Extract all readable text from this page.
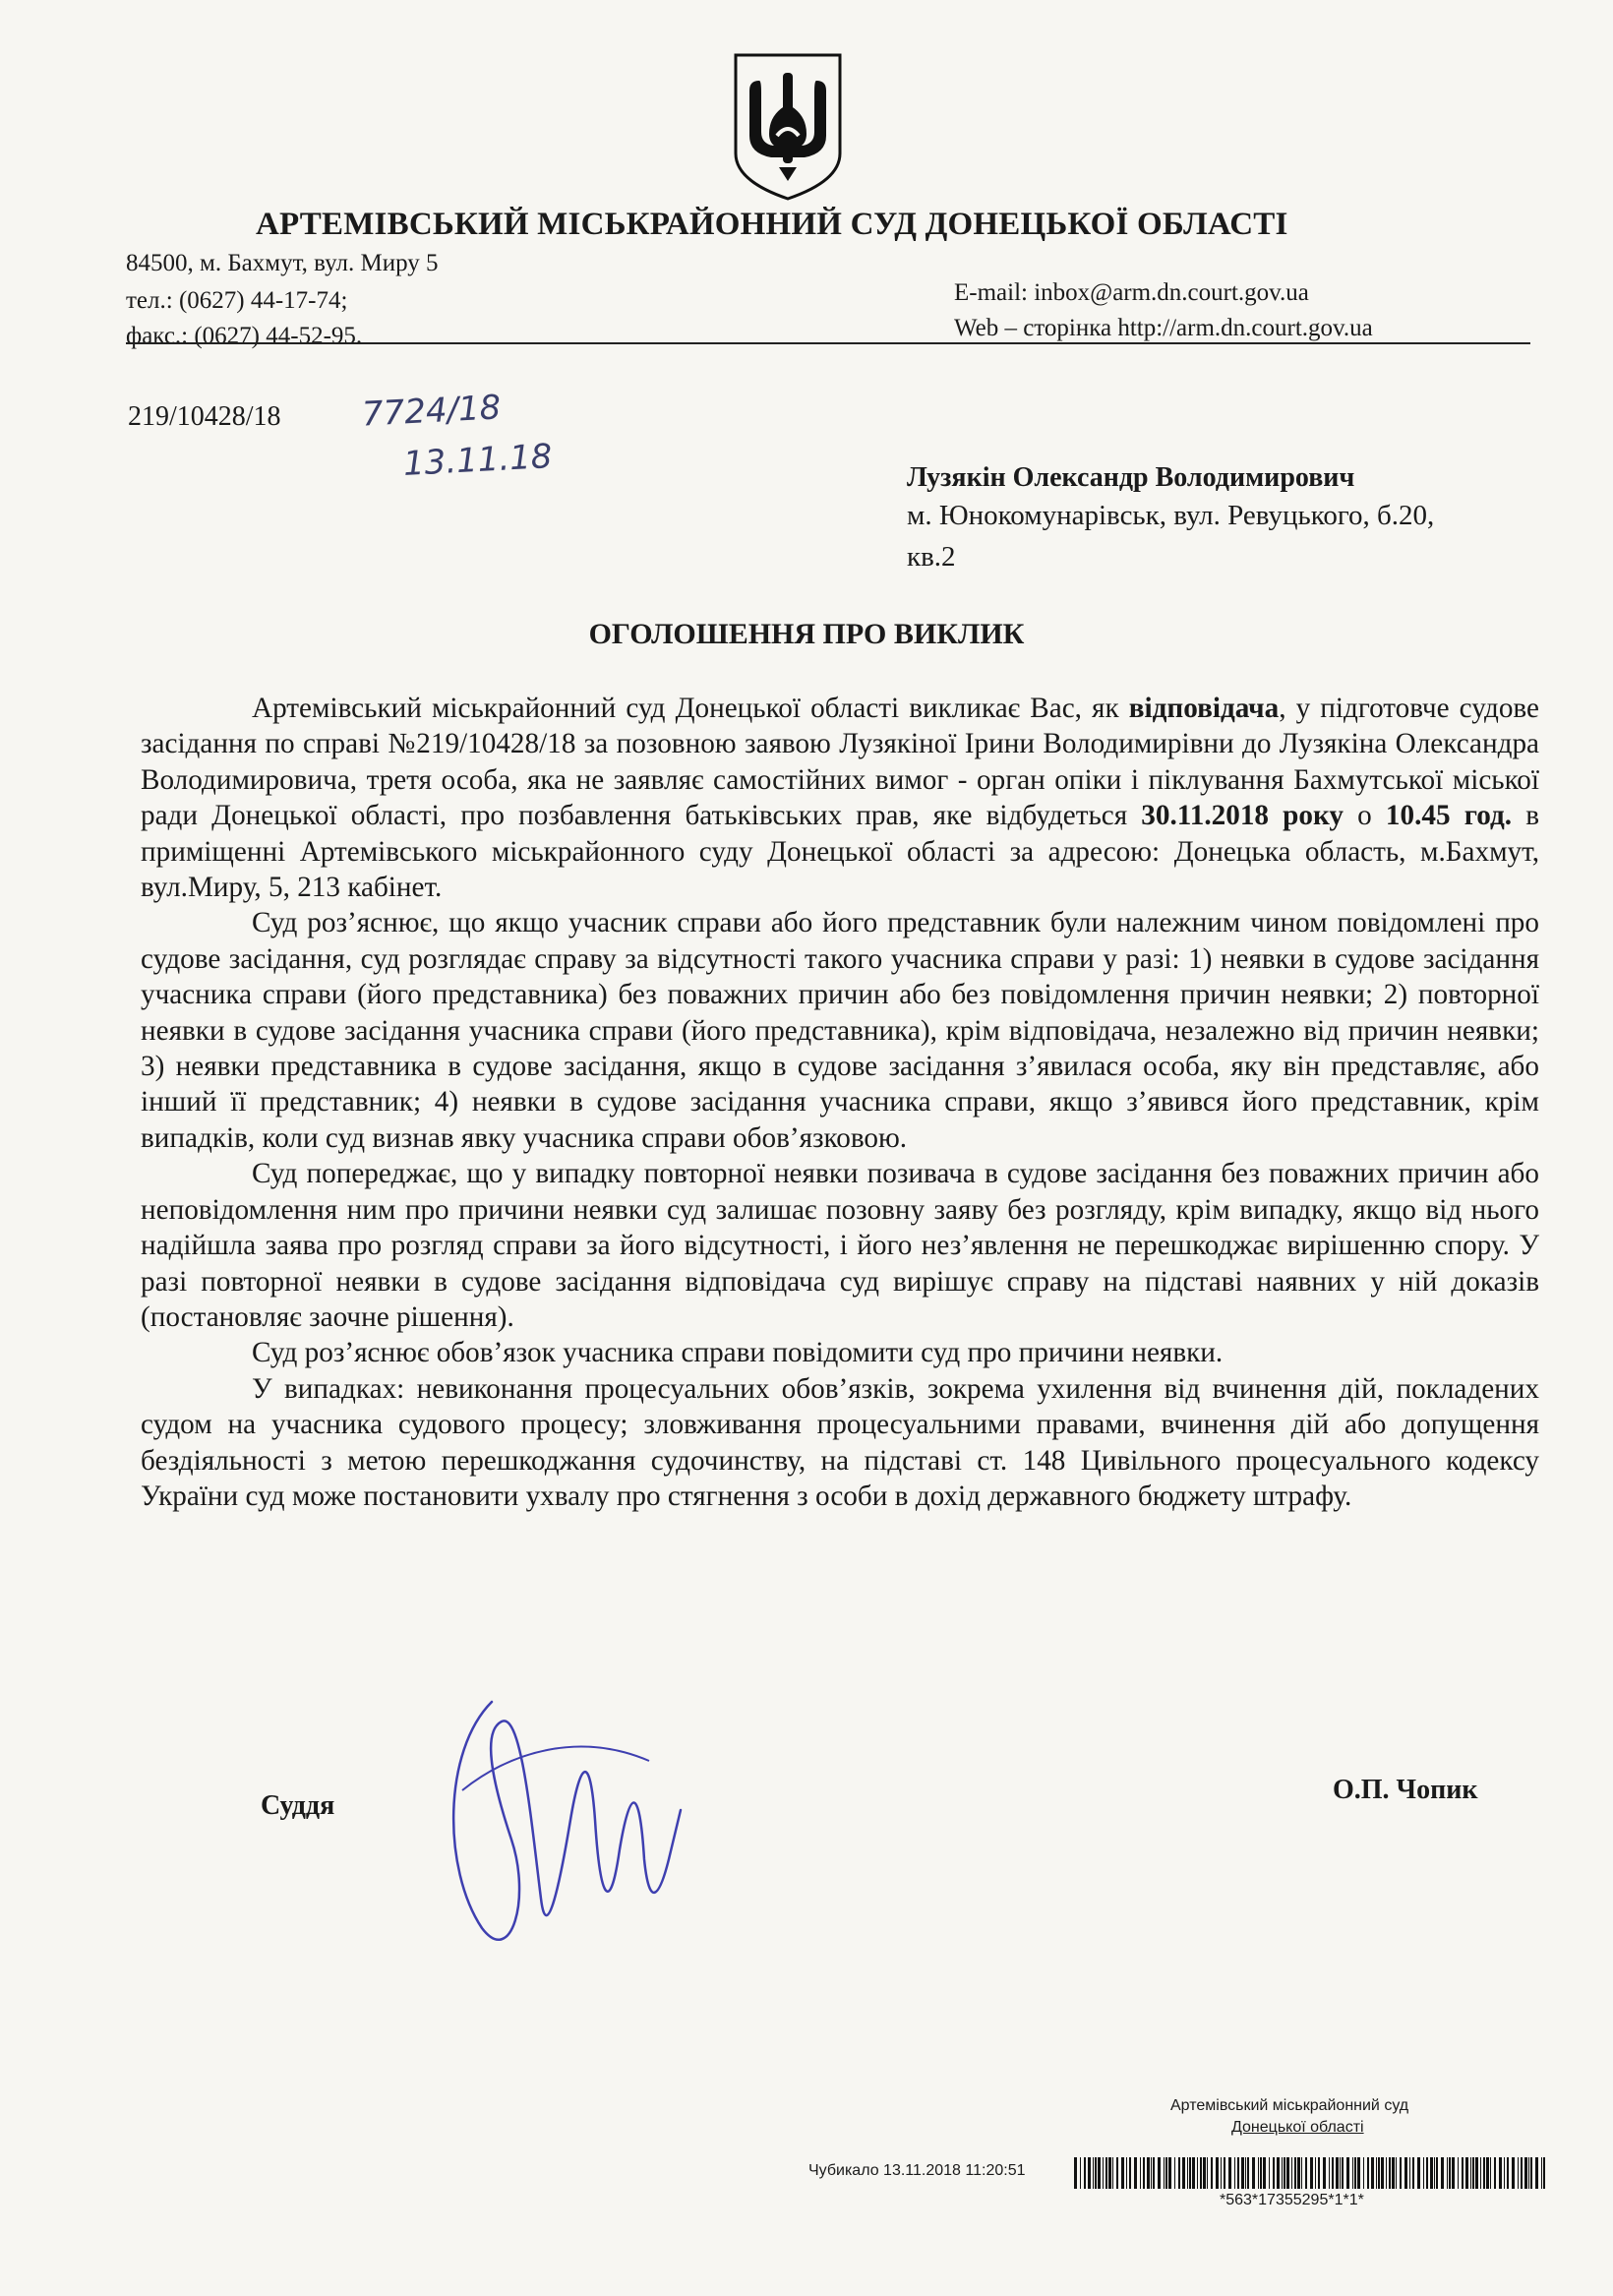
АРТЕМІВСЬКИЙ МІСЬКРАЙОННИЙ СУД ДОНЕЦЬКОЇ ОБЛАСТІ
84500, м. Бахмут, вул. Миру 5
тел.: (0627) 44-17-74;
факс.: (0627) 44-52-95.
E-mail: inbox@arm.dn.court.gov.ua
Web – сторінка http://arm.dn.court.gov.ua
219/10428/18 7724/18
13.11.18	Лузякін Олександр Володимирович
м. Юнокомунарівськ, вул. Ревуцького, б.20,
кв.2
ОГОЛОШЕННЯ ПРО ВИКЛИК

Артемівський міськрайонний суд Донецької області викликає Вас, як відповідача, у підготовче судове засідання по справі №219/10428/18 за позовною заявою Лузякіної Ірини Володимирівни до Лузякіна Олександра Володимировича, третя особа, яка не заявляє самостійних вимог - орган опіки і піклування Бахмутської міської ради Донецької області, про позбавлення батьківських прав, яке відбудеться 30.11.2018 року о 10.45 год. в приміщенні Артемівського міськрайонного суду Донецької області за адресою: Донецька область, м.Бахмут, вул.Миру, 5, 213 кабінет.

Суд роз’яснює, що якщо учасник справи або його представник були належним чином повідомлені про судове засідання, суд розглядає справу за відсутності такого учасника справи у разі: 1) неявки в судове засідання учасника справи (його представника) без поважних причин або без повідомлення причин неявки; 2) повторної неявки в судове засідання учасника справи (його представника), крім відповідача, незалежно від причин неявки; 3) неявки представника в судове засідання, якщо в судове засідання з’явилася особа, яку він представляє, або інший її представник; 4) неявки в судове засідання учасника справи, якщо з’явився його представник, крім випадків, коли суд визнав явку учасника справи обов’язковою.

Суд попереджає, що у випадку повторної неявки позивача в судове засідання без поважних причин або неповідомлення ним про причини неявки суд залишає позовну заяву без розгляду, крім випадку, якщо від нього надійшла заява про розгляд справи за його відсутності, і його нез’явлення не перешкоджає вирішенню спору. У разі повторної неявки в судове засідання відповідача суд вирішує справу на підставі наявних у ній доказів (постановляє заочне рішення).

Суд роз’яснює обов’язок учасника справи повідомити суд про причини неявки.

У випадках: невиконання процесуальних обов’язків, зокрема ухилення від вчинення дій, покладених судом на учасника судового процесу; зловживання процесуальними правами, вчинення дій або допущення бездіяльності з метою перешкоджання судочинству, на підставі ст. 148 Цивільного процесуального кодексу України суд може постановити ухвалу про стягнення з особи в дохід державного бюджету штрафу.

Суддя
О.П. Чопик
Артемівський міськрайонний суд
Донецької області
Чубикало 13.11.2018 11:20:51
*563*17355295*1*1*
